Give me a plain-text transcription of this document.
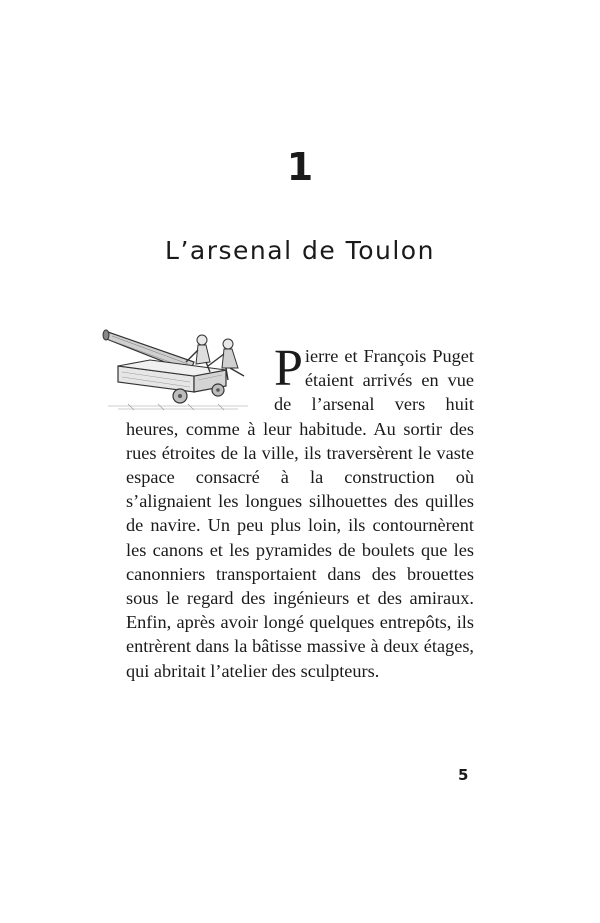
1
L’arsenal de Toulon

Pierre et François Puget étaient arrivés en vue de l’arsenal vers huit heures, comme à leur habitude. Au sortir des rues étroites de la ville, ils traversèrent le vaste espace consacré à la construction où s’alignaient les longues silhouettes des quilles de navire. Un peu plus loin, ils contournèrent les canons et les pyramides de boulets que les canonniers transportaient dans des brouettes sous le regard des ingénieurs et des amiraux. Enfin, après avoir longé quelques entrepôts, ils entrèrent dans la bâtisse massive à deux étages, qui abritait l’atelier des sculpteurs.

5
